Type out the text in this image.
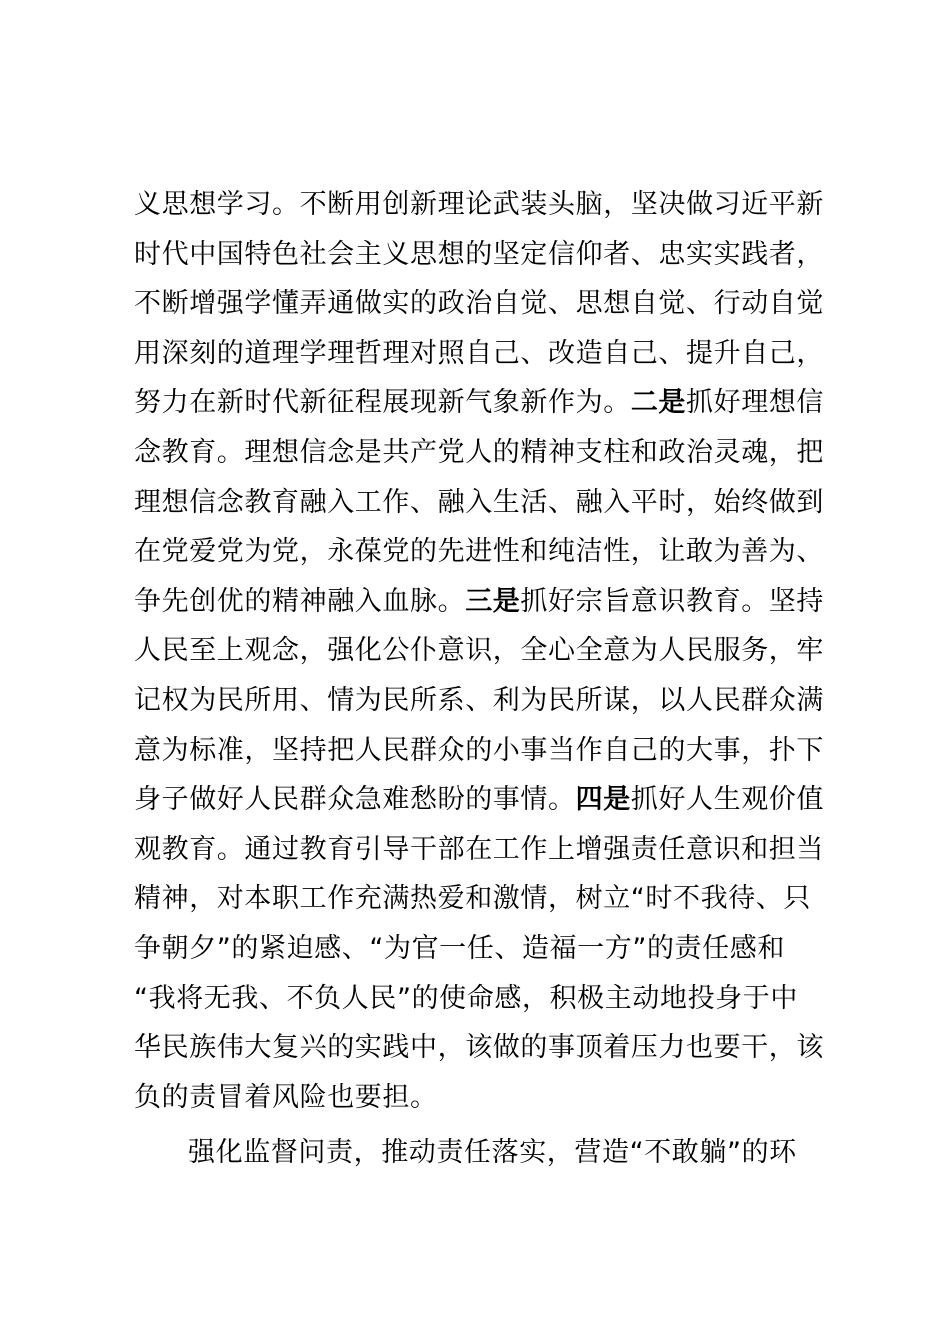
义思想学习。不断用创新理论武装头脑，坚决做习近平新
时代中国特色社会主义思想的坚定信仰者、忠实实践者，
不断增强学懂弄通做实的政治自觉、思想自觉、行动自觉
用深刻的道理学理哲理对照自己、改造自己、提升自己，
努力在新时代新征程展现新气象新作为。二是抓好理想信
念教育。理想信念是共产党人的精神支柱和政治灵魂，把
理想信念教育融入工作、融入生活、融入平时，始终做到
在党爱党为党，永葆党的先进性和纯洁性，让敢为善为、
争先创优的精神融入血脉。三是抓好宗旨意识教育。坚持
人民至上观念，强化公仆意识，全心全意为人民服务，牢
记权为民所用、情为民所系、利为民所谋，以人民群众满
意为标准，坚持把人民群众的小事当作自己的大事，扑下
身子做好人民群众急难愁盼的事情。四是抓好人生观价值
观教育。通过教育引导干部在工作上增强责任意识和担当
精神，对本职工作充满热爱和激情，树立“时不我待、只
争朝夕”的紧迫感、“为官一任、造福一方”的责任感和
“我将无我、不负人民”的使命感，积极主动地投身于中
华民族伟大复兴的实践中，该做的事顶着压力也要干，该
负的责冒着风险也要担。
强化监督问责，推动责任落实，营造“不敢躺”的环
